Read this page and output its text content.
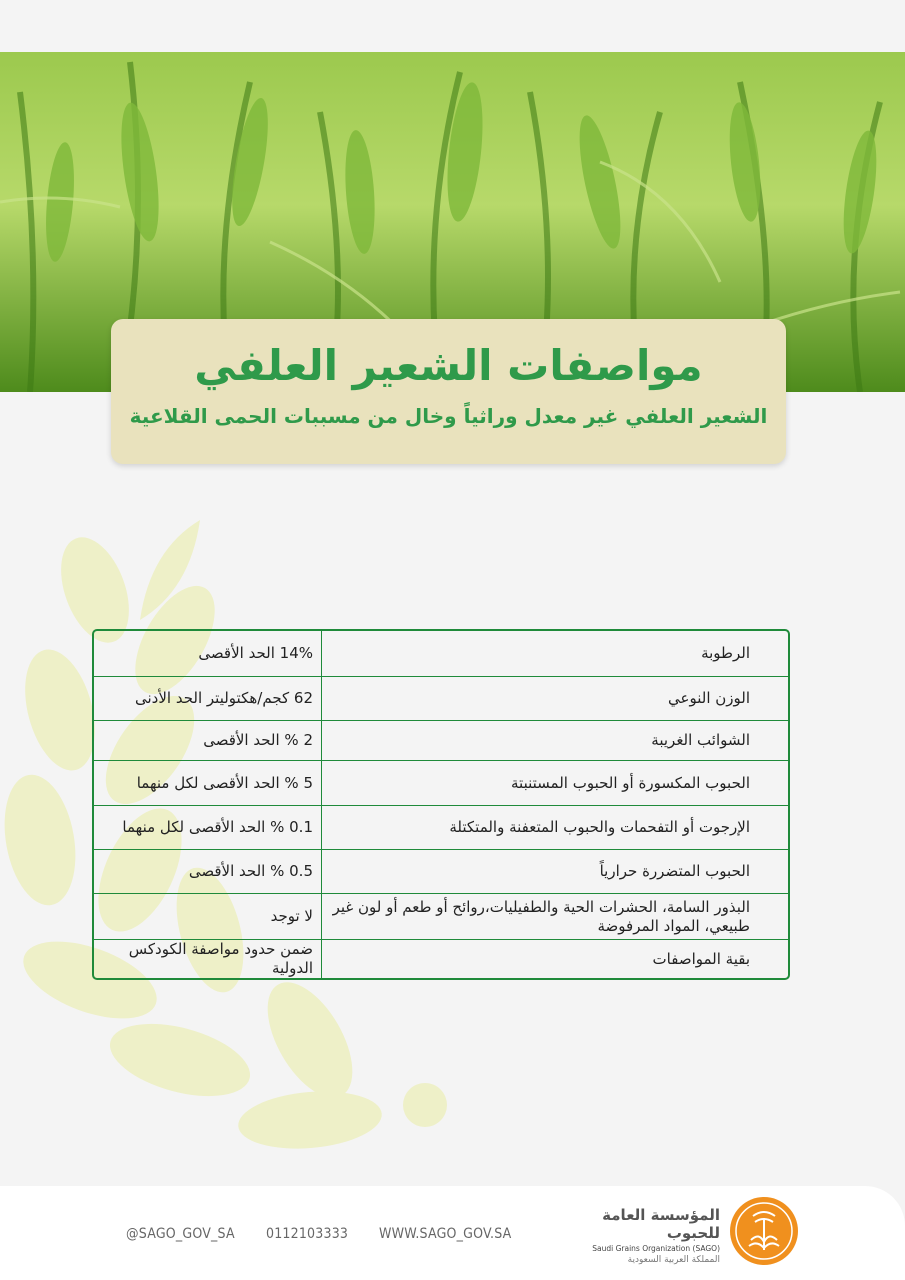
مواصفات الشعير العلفي
الشعير العلفي غير معدل وراثياً وخال من مسببات الحمى القلاعية
الرطوبة	14% الحد الأقصى
الوزن النوعي	62 كجم/هكتوليتر الحد الأدنى
الشوائب الغريبة	2 % الحد الأقصى
الحبوب المكسورة أو الحبوب المستنبتة	5 % الحد الأقصى لكل منهما
الإرجوت أو التفحمات والحبوب المتعفنة والمتكتلة	0.1 % الحد الأقصى لكل منهما
الحبوب المتضررة حرارياً	0.5 % الحد الأقصى
البذور السامة، الحشرات الحية والطفيليات،روائح أو طعم أو لون غير طبيعي، المواد المرفوضة	لا توجد
بقية المواصفات	ضمن حدود مواصفة الكودكس الدولية
@SAGO_GOV_SA 0112103333 WWW.SAGO_GOV.SA
المؤسسة العامة للحبوب
Saudi Grains Organization (SAGO)
المملكة العربية السعودية
